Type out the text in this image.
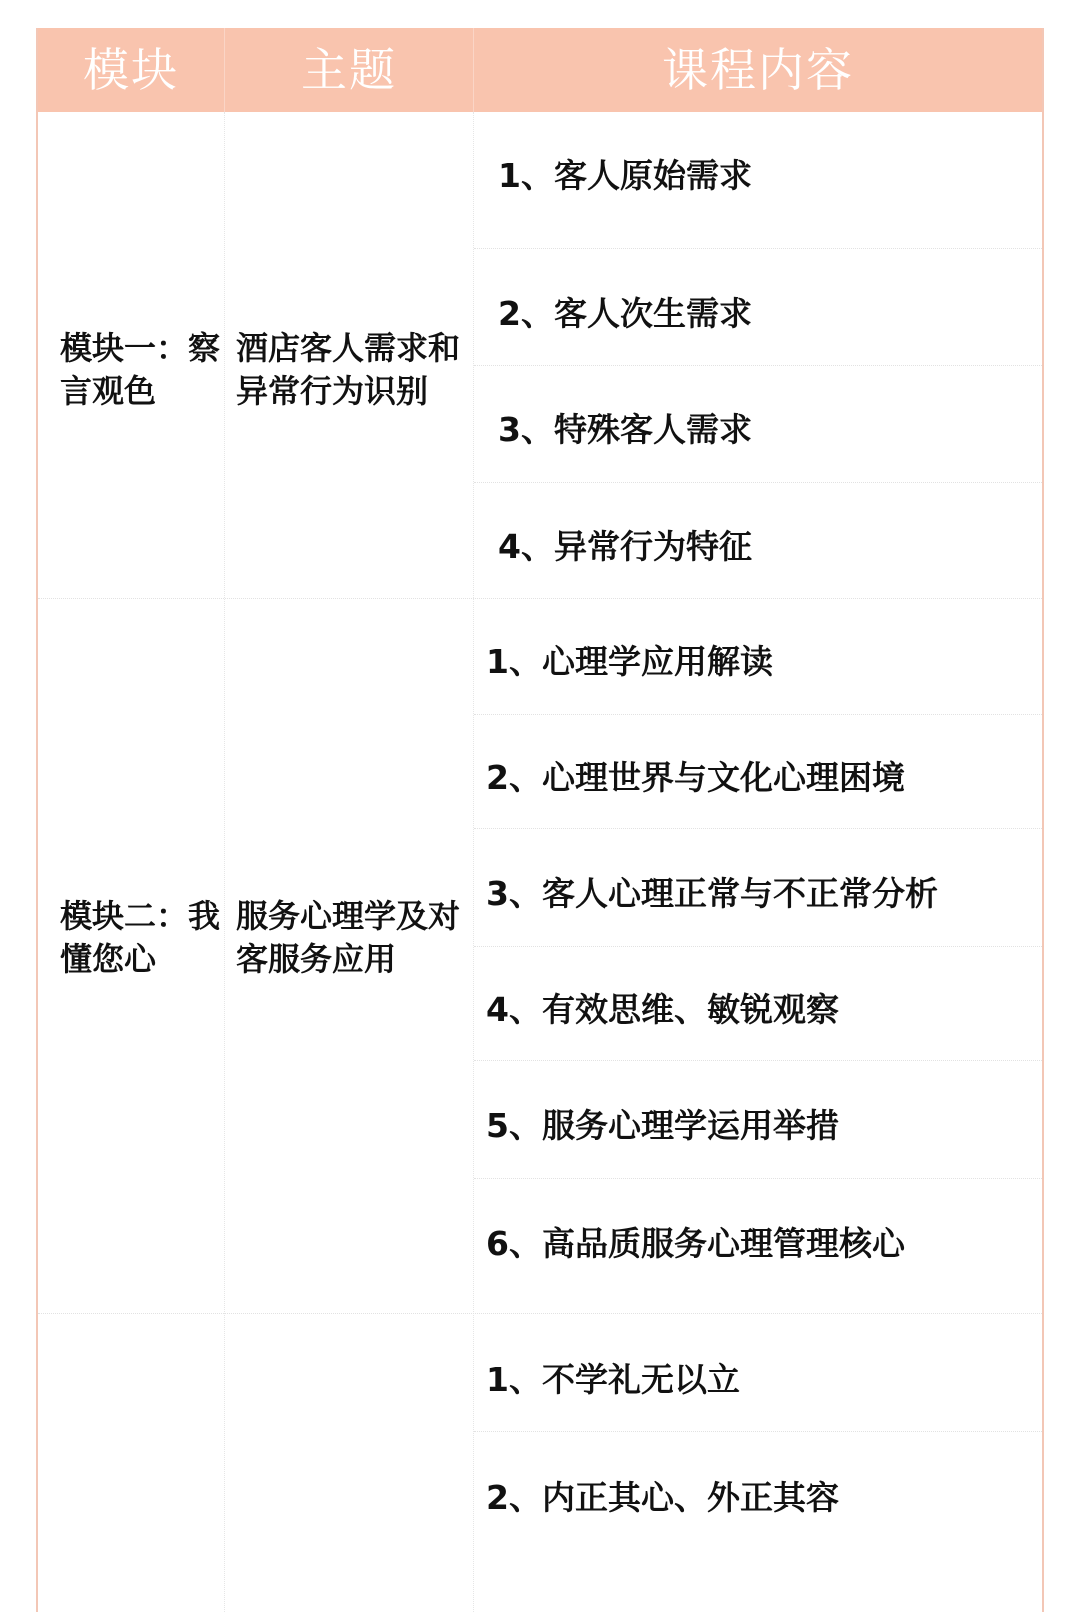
模块	主题	课程内容
模块一：察言观色
酒店客人需求和异常行为识别
1、客人原始需求
2、客人次生需求
3、特殊客人需求
4、异常行为特征
模块二：我懂您心
服务心理学及对客服务应用
1、心理学应用解读
2、心理世界与文化心理困境
3、客人心理正常与不正常分析
4、有效思维、敏锐观察
5、服务心理学运用举措
6、高品质服务心理管理核心
1、不学礼无以立
2、内正其心、外正其容
